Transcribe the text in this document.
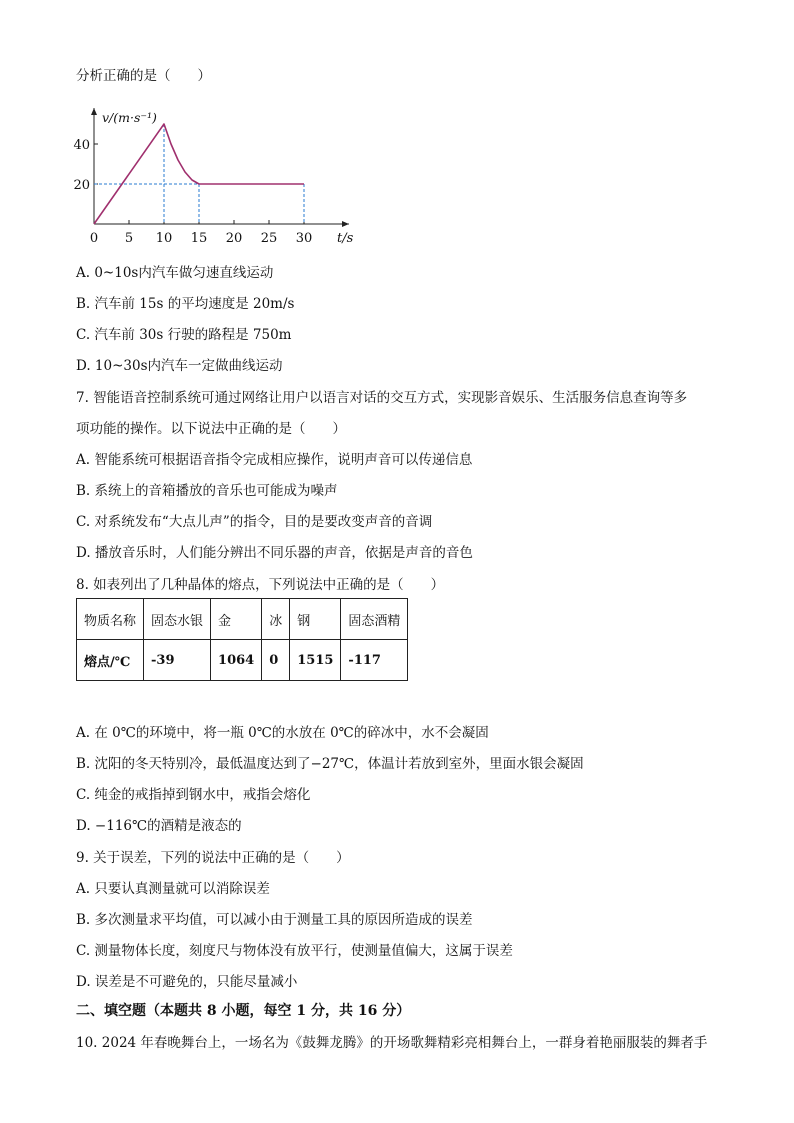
分析正确的是（　　）
0 5 10 15 20 25 30
20
40
v/(m·s⁻¹)
t/s
A. 0~10s内汽车做匀速直线运动
B. 汽车前 15s 的平均速度是 20m/s
C. 汽车前 30s 行驶的路程是 750m
D. 10~30s内汽车一定做曲线运动
7. 智能语音控制系统可通过网络让用户以语言对话的交互方式，实现影音娱乐、生活服务信息查询等多
项功能的操作。以下说法中正确的是（　　）
A. 智能系统可根据语音指令完成相应操作，说明声音可以传递信息
B. 系统上的音箱播放的音乐也可能成为噪声
C. 对系统发布“大点儿声”的指令，目的是要改变声音的音调
D. 播放音乐时，人们能分辨出不同乐器的声音，依据是声音的音色
8. 如表列出了几种晶体的熔点，下列说法中正确的是（　　）
物质名称	固态水银	金	冰	钢	固态酒精
熔点/℃	-39	1064	0	1515	-117
A. 在 0℃的环境中，将一瓶 0℃的水放在 0℃的碎冰中，水不会凝固
B. 沈阳的冬天特别冷，最低温度达到了−27℃，体温计若放到室外，里面水银会凝固
C. 纯金的戒指掉到钢水中，戒指会熔化
D. −116℃的酒精是液态的
9. 关于误差，下列的说法中正确的是（　　）
A. 只要认真测量就可以消除误差
B. 多次测量求平均值，可以减小由于测量工具的原因所造成的误差
C. 测量物体长度，刻度尺与物体没有放平行，使测量值偏大，这属于误差
D. 误差是不可避免的，只能尽量减小
二、填空题（本题共 8 小题，每空 1 分，共 16 分）
10. 2024 年春晚舞台上，一场名为《鼓舞龙腾》的开场歌舞精彩亮相舞台上，一群身着艳丽服装的舞者手
